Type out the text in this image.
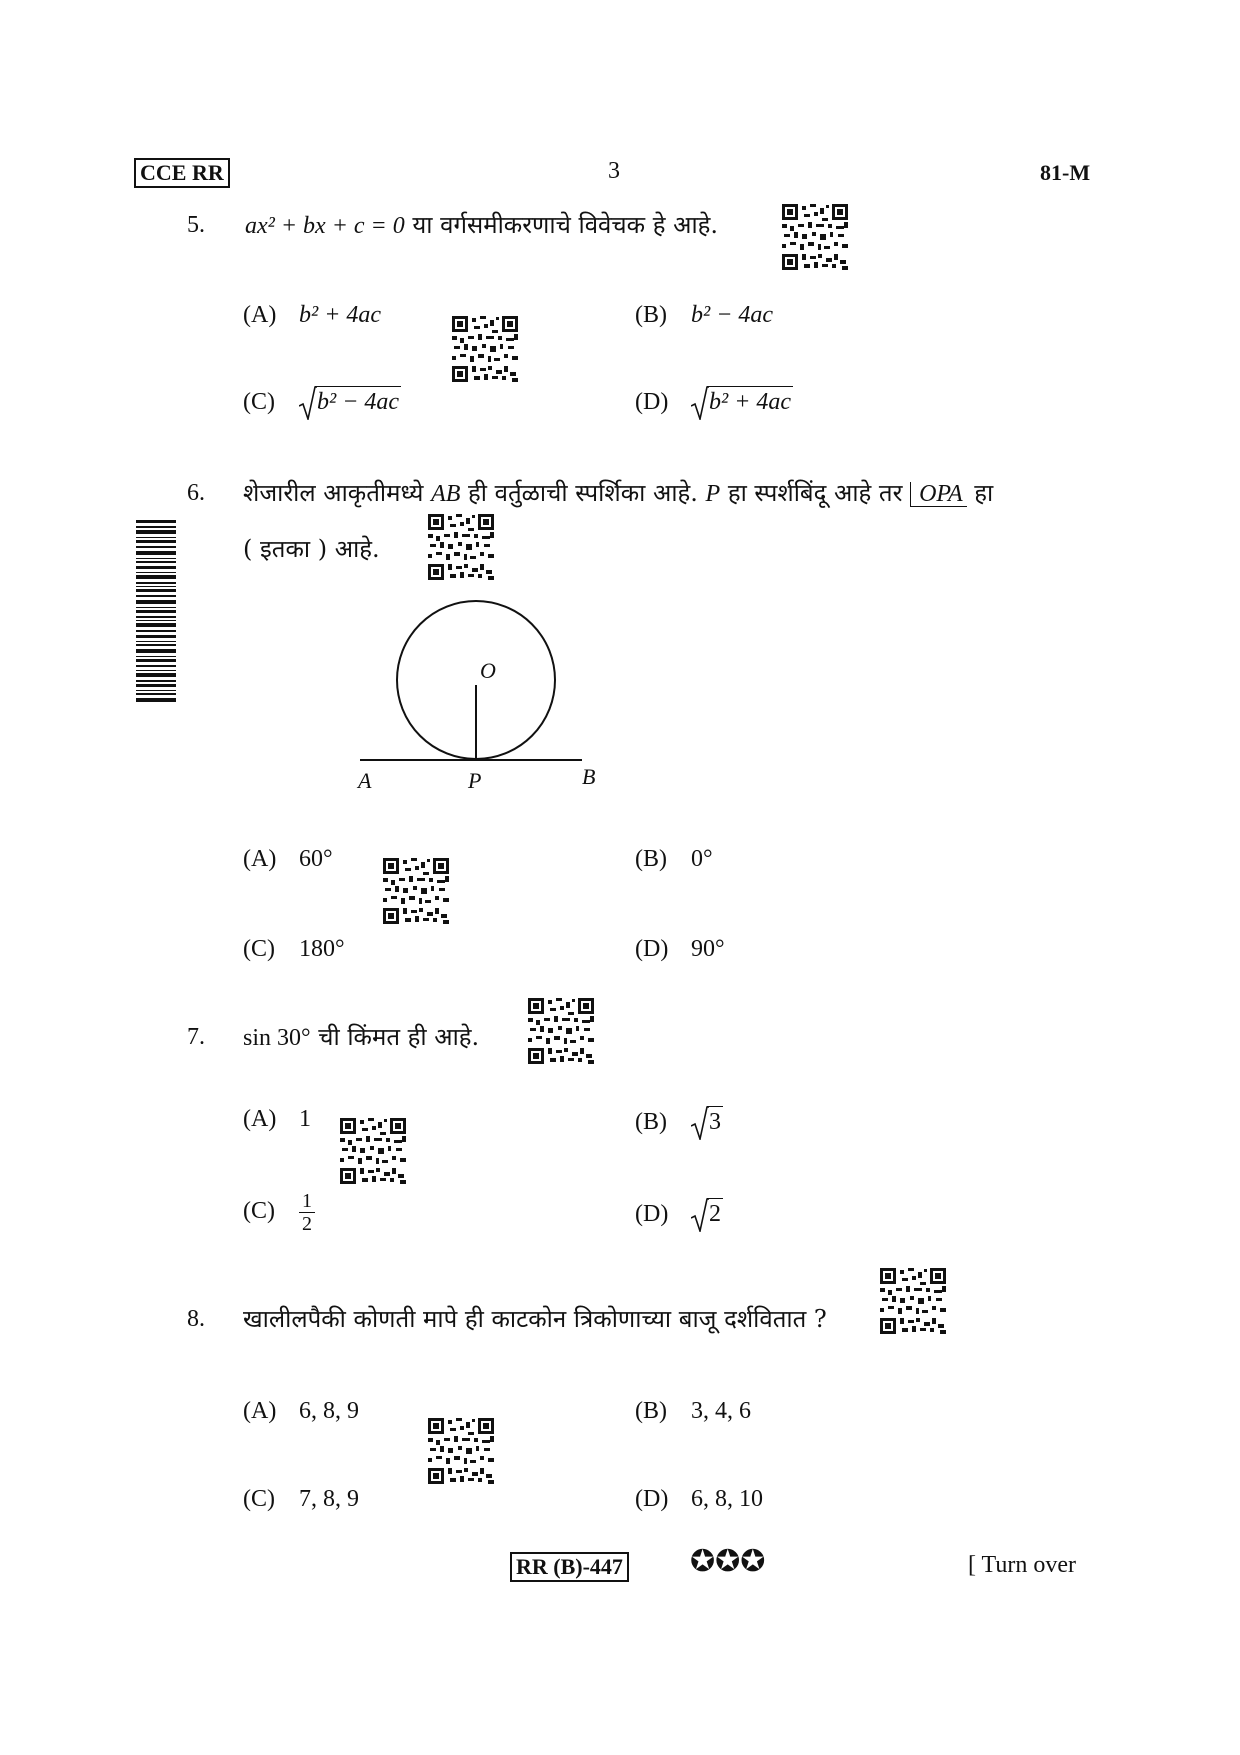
CCE RR	3	81-M
5. ax² + bx + c = 0 या वर्गसमीकरणाचे विवेचक हे आहे.
(A) b² + 4ac	(B) b² − 4ac
(C) b² − 4ac	(D) b² + 4ac
6. शेजारील आकृतीमध्ये AB ही वर्तुळाची स्पर्शिका आहे. P हा स्पर्शबिंदू आहे तर OPA हा
( इतका ) आहे.
O
A	P	B
(A) 60°	(B) 0°
(C) 180°	(D) 90°
7. sin 30° ची किंमत ही आहे.
(A) 1	(B) 3
$(C) \frac{1}{2}$	(D) 2
8. खालीलपैकी कोणती मापे ही काटकोन त्रिकोणाच्या बाजू दर्शवितात ?
(A) 6, 8, 9	(B) 3, 4, 6
(C) 7, 8, 9	(D) 6, 8, 10
RR (B)-447 ✪✪✪	[ Turn over
